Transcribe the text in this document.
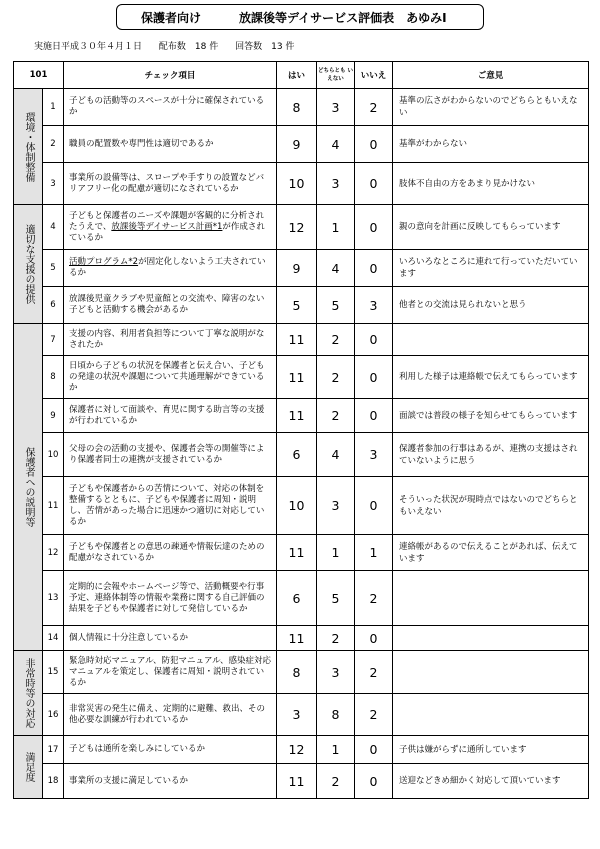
保護者向け	放課後等デイサービス評価表　あゆみⅠ
実施日平成３０年４月１日 配布数　18 件 回答数　13 件
101		チェック項目	はい	どちらとも いえない	いいえ	ご意見

環境・体制整備	1	子どもの活動等のスペースが十分に確保されているか	8	3	2	基準の広さがわからないのでどちらともいえない
	2	職員の配置数や専門性は適切であるか	9	4	0	基準がわからない
	3	事業所の設備等は、スロープや手すりの設置などバリアフリー化の配慮が適切になされているか	10	3	0	肢体不自由の方をあまり見かけない

適切な支援の提供	4	子どもと保護者のニーズや課題が客観的に分析されたうえで、放課後等デイサービス計画*1が作成されているか	12	1	0	親の意向を計画に反映してもらっています
	5	活動プログラム*2が固定化しないよう工夫されているか	9	4	0	いろいろなところに連れて行っていただいています
	6	放課後児童クラブや児童館との交流や、障害のない子どもと活動する機会があるか	5	5	3	他者との交流は見られないと思う

保護者への説明等	7	支援の内容、利用者負担等について丁寧な説明がなされたか	11	2	0	
	8	日頃から子どもの状況を保護者と伝え合い、子どもの発達の状況や課題について共通理解ができているか	11	2	0	利用した様子は連絡帳で伝えてもらっています
	9	保護者に対して面談や、育児に関する助言等の支援が行われているか	11	2	0	面談では普段の様子を知らせてもらっています
	10	父母の会の活動の支援や、保護者会等の開催等により保護者同士の連携が支援されているか	6	4	3	保護者参加の行事はあるが、連携の支援はされていないように思う
	11	子どもや保護者からの苦情について、対応の体制を整備するとともに、子どもや保護者に周知・説明し、苦情があった場合に迅速かつ適切に対応しているか	10	3	0	そういった状況が現時点ではないのでどちらともいえない
	12	子どもや保護者との意思の疎通や情報伝達のための配慮がなされているか	11	1	1	連絡帳があるので伝えることがあれば、伝えています
	13	定期的に会報やホームページ等で、活動概要や行事予定、連絡体制等の情報や業務に関する自己評価の結果を子どもや保護者に対して発信しているか	6	5	2	
	14	個人情報に十分注意しているか	11	2	0	

非常時等の対応	15	緊急時対応マニュアル、防犯マニュアル、感染症対応マニュアルを策定し、保護者に周知・説明されているか	8	3	2	
	16	非常災害の発生に備え、定期的に避難、救出、その他必要な訓練が行われているか	3	8	2	

満足度	17	子どもは通所を楽しみにしているか	12	1	0	子供は嫌がらずに通所しています
	18	事業所の支援に満足しているか	11	2	0	送迎などきめ細かく対応して頂いています
